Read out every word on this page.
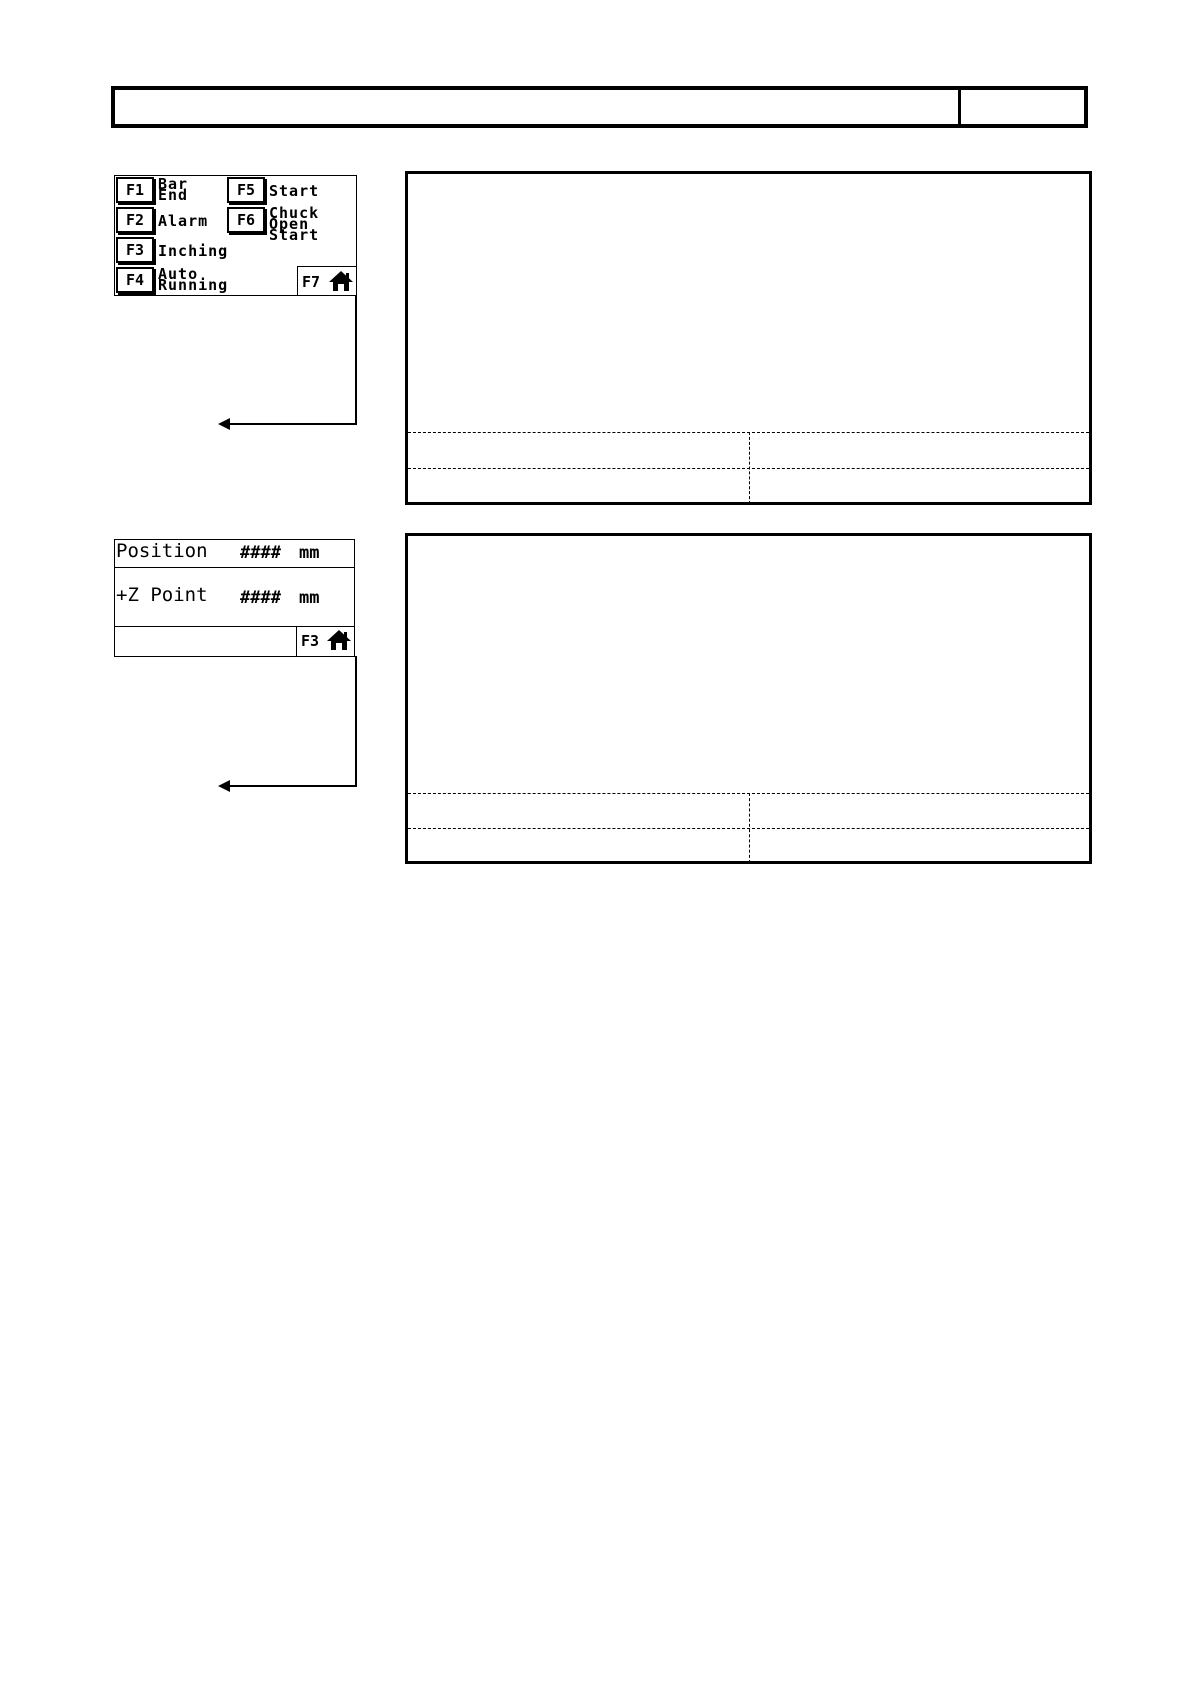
F1 Bar
End
F2 Alarm
F3 Inching
F4 Auto
Running
F5 Start
F6 Chuck
Open
Start
F7
Position #### mm
+Z Point #### mm
F3
